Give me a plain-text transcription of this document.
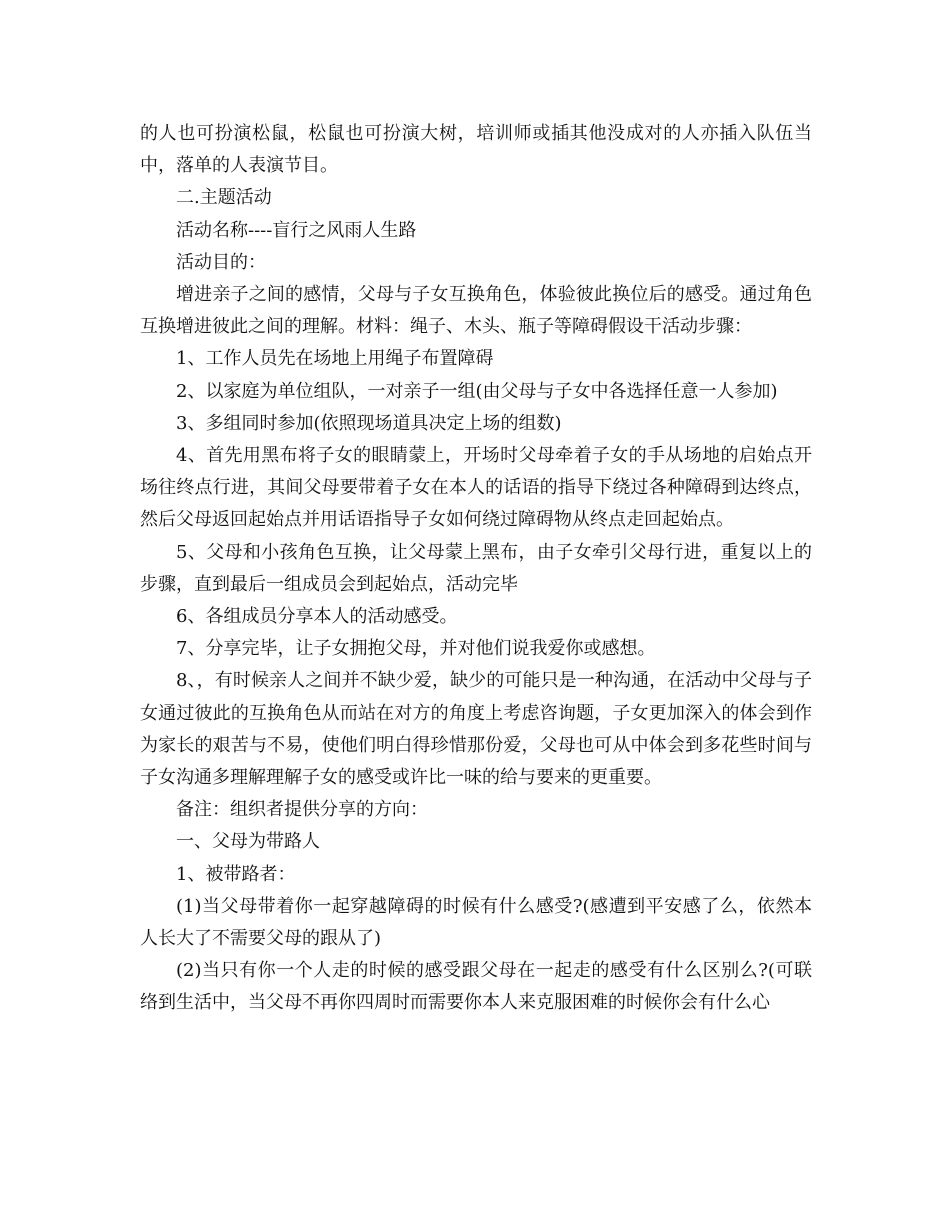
的人也可扮演松鼠，松鼠也可扮演大树，培训师或插其他没成对的人亦插入队伍当中，落单的人表演节目。

二.主题活动

活动名称----盲行之风雨人生路

活动目的：

增进亲子之间的感情，父母与子女互换角色，体验彼此换位后的感受。通过角色互换增进彼此之间的理解。材料：绳子、木头、瓶子等障碍假设干活动步骤：

1、工作人员先在场地上用绳子布置障碍

2、以家庭为单位组队，一对亲子一组(由父母与子女中各选择任意一人参加)

3、多组同时参加(依照现场道具决定上场的组数)

4、首先用黑布将子女的眼睛蒙上，开场时父母牵着子女的手从场地的启始点开场往终点行进，其间父母要带着子女在本人的话语的指导下绕过各种障碍到达终点，然后父母返回起始点并用话语指导子女如何绕过障碍物从终点走回起始点。

5、父母和小孩角色互换，让父母蒙上黑布，由子女牵引父母行进，重复以上的步骤，直到最后一组成员会到起始点，活动完毕

6、各组成员分享本人的活动感受。

7、分享完毕，让子女拥抱父母，并对他们说我爱你或感想。

8、，有时候亲人之间并不缺少爱，缺少的可能只是一种沟通，在活动中父母与子女通过彼此的互换角色从而站在对方的角度上考虑咨询题，子女更加深入的体会到作为家长的艰苦与不易，使他们明白得珍惜那份爱，父母也可从中体会到多花些时间与子女沟通多理解理解子女的感受或许比一味的给与要来的更重要。

备注：组织者提供分享的方向：

一、父母为带路人

1、被带路者：

(1)当父母带着你一起穿越障碍的时候有什么感受?(感遭到平安感了么，依然本人长大了不需要父母的跟从了)

(2)当只有你一个人走的时候的感受跟父母在一起走的感受有什么区别么?(可联络到生活中，当父母不再你四周时而需要你本人来克服困难的时候你会有什么心
